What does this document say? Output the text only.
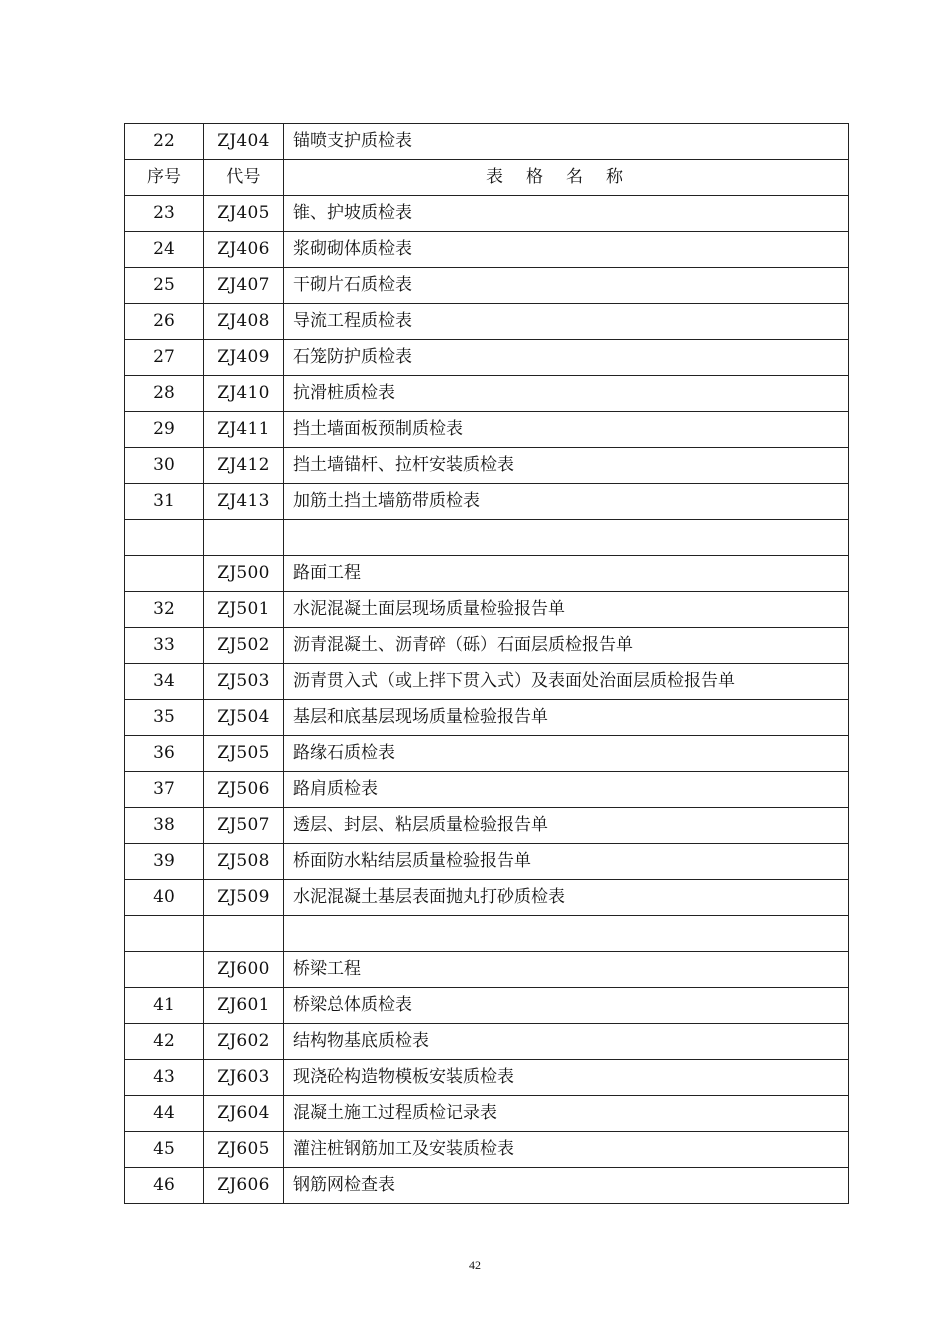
22	ZJ404	锚喷支护质检表
序号	代号	表格名称
23	ZJ405	锥、护坡质检表
24	ZJ406	浆砌砌体质检表
25	ZJ407	干砌片石质检表
26	ZJ408	导流工程质检表
27	ZJ409	石笼防护质检表
28	ZJ410	抗滑桩质检表
29	ZJ411	挡土墙面板预制质检表
30	ZJ412	挡土墙锚杆、拉杆安装质检表
31	ZJ413	加筋土挡土墙筋带质检表

	ZJ500	路面工程
32	ZJ501	水泥混凝土面层现场质量检验报告单
33	ZJ502	沥青混凝土、沥青碎（砾）石面层质检报告单
34	ZJ503	沥青贯入式（或上拌下贯入式）及表面处治面层质检报告单
35	ZJ504	基层和底基层现场质量检验报告单
36	ZJ505	路缘石质检表
37	ZJ506	路肩质检表
38	ZJ507	透层、封层、粘层质量检验报告单
39	ZJ508	桥面防水粘结层质量检验报告单
40	ZJ509	水泥混凝土基层表面抛丸打砂质检表

	ZJ600	桥梁工程
41	ZJ601	桥梁总体质检表
42	ZJ602	结构物基底质检表
43	ZJ603	现浇砼构造物模板安装质检表
44	ZJ604	混凝土施工过程质检记录表
45	ZJ605	灌注桩钢筋加工及安装质检表
46	ZJ606	钢筋网检查表
42
